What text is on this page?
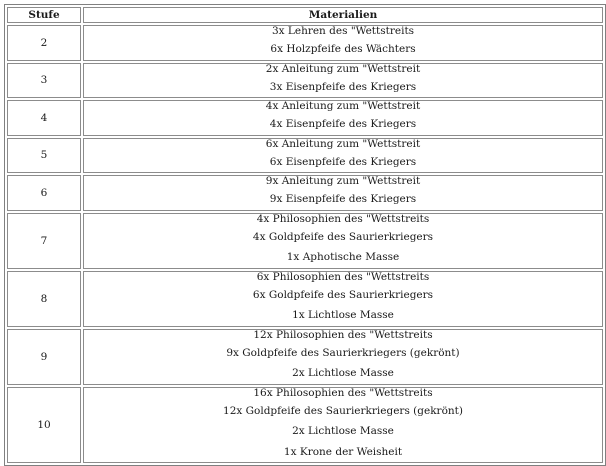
Stufe	Materialien
2	3x Lehren des "Wettstreits
6x Holzpfeife des Wächters

3	2x Anleitung zum "Wettstreit
3x Eisenpfeife des Kriegers

4	4x Anleitung zum "Wettstreit
4x Eisenpfeife des Kriegers

5	6x Anleitung zum "Wettstreit
6x Eisenpfeife des Kriegers

6	9x Anleitung zum "Wettstreit
9x Eisenpfeife des Kriegers

7	4x Philosophien des "Wettstreits
4x Goldpfeife des Saurierkriegers
1x Aphotische Masse

8	6x Philosophien des "Wettstreits
6x Goldpfeife des Saurierkriegers
1x Lichtlose Masse

9	12x Philosophien des "Wettstreits
9x Goldpfeife des Saurierkriegers (gekrönt)
2x Lichtlose Masse

10	16x Philosophien des "Wettstreits
12x Goldpfeife des Saurierkriegers (gekrönt)
2x Lichtlose Masse
1x Krone der Weisheit
